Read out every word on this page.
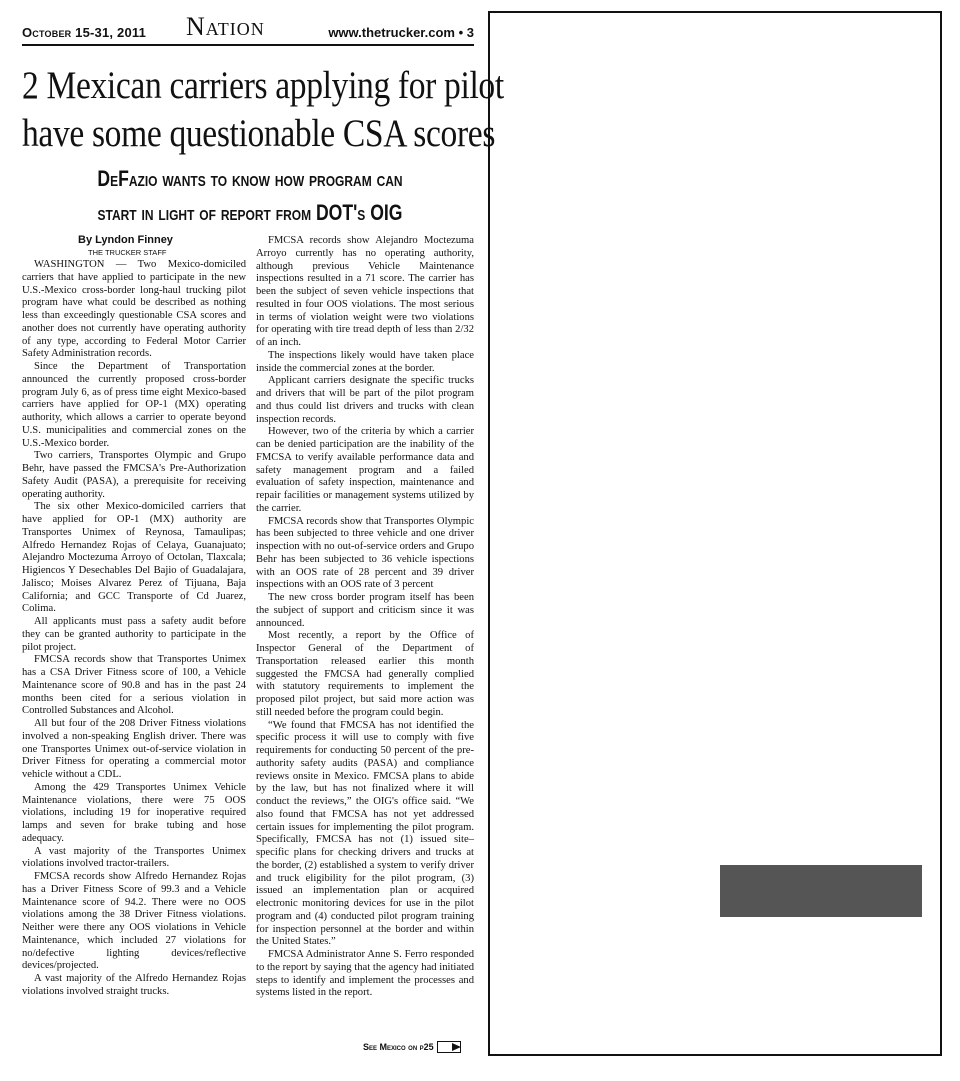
October 15-31, 2011 Nation	www.thetrucker.com • 3
2 Mexican carriers applying for pilot
have some questionable CSA scores
DeFazio wants to know how program can
start in light of report from DOT's OIG
By Lyndon Finney
THE TRUCKER STAFF

WASHINGTON — Two Mexico-domiciled carriers that have applied to participate in the new U.S.-Mexico cross-border long-haul trucking pilot program have what could be described as nothing less than exceedingly questionable CSA scores and another does not currently have operating authority of any type, according to Federal Motor Carrier Safety Administration records.

Since the Department of Transportation announced the currently proposed cross-border program July 6, as of press time eight Mexico-based carriers have applied for OP-1 (MX) operating authority, which allows a carrier to operate beyond U.S. municipalities and commercial zones on the U.S.-Mexico border.

Two carriers, Transportes Olympic and Grupo Behr, have passed the FMCSA's Pre-Authorization Safety Audit (PASA), a prerequisite for receiving operating authority.

The six other Mexico-domiciled carriers that have applied for OP-1 (MX) authority are Transportes Unimex of Reynosa, Tamaulipas; Alfredo Hernandez Rojas of Celaya, Guanajuato; Alejandro Moctezuma Arroyo of Octolan, Tlaxcala; Higiencos Y Desechables Del Bajio of Guadalajara, Jalisco; Moises Alvarez Perez of Tijuana, Baja California; and GCC Transporte of Cd Juarez, Colima.

All applicants must pass a safety audit before they can be granted authority to participate in the pilot project.

FMCSA records show that Transportes Unimex has a CSA Driver Fitness score of 100, a Vehicle Maintenance score of 90.8 and has in the past 24 months been cited for a serious violation in Controlled Substances and Alcohol.

All but four of the 208 Driver Fitness violations involved a non-speaking English driver. There was one Transportes Unimex out-of-service violation in Driver Fitness for operating a commercial motor vehicle without a CDL.

Among the 429 Transportes Unimex Vehicle Maintenance violations, there were 75 OOS violations, including 19 for inoperative required lamps and seven for brake tubing and hose adequacy.

A vast majority of the Transportes Unimex violations involved tractor-trailers.

FMCSA records show Alfredo Hernandez Rojas has a Driver Fitness Score of 99.3 and a Vehicle Maintenance score of 94.2. There were no OOS violations among the 38 Driver Fitness violations. Neither were there any OOS violations in Vehicle Maintenance, which included 27 violations for no/defective lighting devices/reflective devices/projected.

A vast majority of the Alfredo Hernandez Rojas violations involved straight trucks.

FMCSA records show Alejandro Moctezuma Arroyo currently has no operating authority, although previous Vehicle Maintenance inspections resulted in a 71 score. The carrier has been the subject of seven vehicle inspections that resulted in four OOS violations. The most serious in terms of violation weight were two violations for operating with tire tread depth of less than 2/32 of an inch.

The inspections likely would have taken place inside the commercial zones at the border.

Applicant carriers designate the specific trucks and drivers that will be part of the pilot program and thus could list drivers and trucks with clean inspection records.

However, two of the criteria by which a carrier can be denied participation are the inability of the FMCSA to verify available performance data and safety management program and a failed evaluation of safety inspection, maintenance and repair facilities or management systems utilized by the carrier.

FMCSA records show that Transportes Olympic has been subjected to three vehicle and one driver inspection with no out-of-service orders and Grupo Behr has been subjected to 36 vehicle ispections with an OOS rate of 28 percent and 39 driver inspections with an OOS rate of 3 percent

The new cross border program itself has been the subject of support and criticism since it was announced.

Most recently, a report by the Office of Inspector General of the Department of Transportation released earlier this month suggested the FMCSA had generally complied with statutory requirements to implement the proposed pilot project, but said more action was still needed before the program could begin.

“We found that FMCSA has not identified the specific process it will use to comply with five requirements for conducting 50 percent of the pre-authority safety audits (PASA) and compliance reviews onsite in Mexico. FMCSA plans to abide by the law, but has not finalized where it will conduct the reviews,” the OIG's office said. “We also found that FMCSA has not yet addressed certain issues for implementing the pilot program. Specifically, FMCSA has not (1) issued site–specific plans for checking drivers and trucks at the border, (2) established a system to verify driver and truck eligibility for the pilot program, (3) issued an implementation plan or acquired electronic monitoring devices for use in the pilot program and (4) conducted pilot program training for inspection personnel at the border and within the United States.”

FMCSA Administrator Anne S. Ferro responded to the report by saying that the agency had initiated steps to identify and implement the processes and systems listed in the report.

See Mexico on p25
